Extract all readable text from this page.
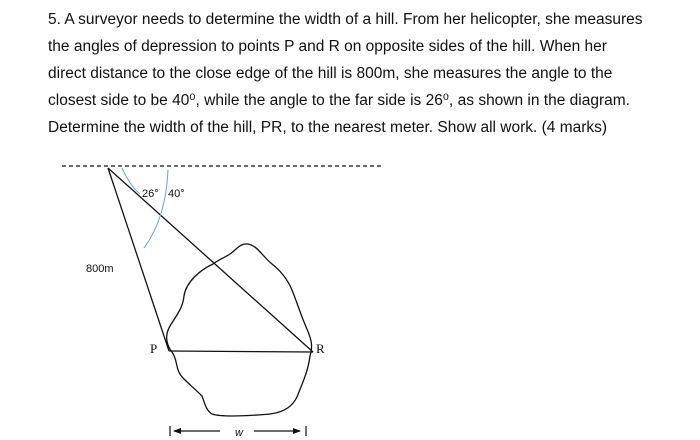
5. A surveyor needs to determine the width of a hill. From her helicopter, she measures
the angles of depression to points P and R on opposite sides of the hill. When her
direct distance to the close edge of the hill is 800m, she measures the angle to the
closest side to be 40⁰, while the angle to the far side is 26⁰, as shown in the diagram.
Determine the width of the hill, PR, to the nearest meter. Show all work. (4 marks)
26° 40°
800m
P	R
w
